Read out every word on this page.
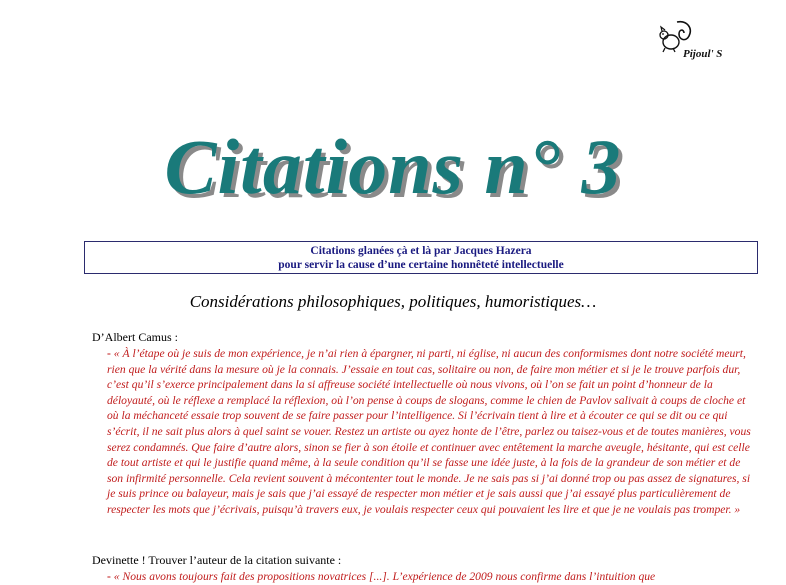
Pijoul' S
Citations n° 3
Citations glanées çà et là par Jacques Hazera
pour servir la cause d’une certaine honnêteté intellectuelle
Considérations philosophiques, politiques, humoristiques…
D’Albert Camus :
- « À l’étape où je suis de mon expérience, je n’ai rien à épargner, ni parti, ni église, ni aucun des conformismes dont notre société meurt, rien que la vérité dans la mesure où je la connais. J’essaie en tout cas, solitaire ou non, de faire mon métier et si je le trouve parfois dur, c’est qu’il s’exerce principalement dans la si affreuse société intellectuelle où nous vivons, où l’on se fait un point d’honneur de la déloyauté, où le réflexe a remplacé la réflexion, où l’on pense à coups de slogans, comme le chien de Pavlov salivait à coups de cloche et où la méchanceté essaie trop souvent de se faire passer pour l’intelligence. Si l’écrivain tient à lire et à écouter ce qui se dit ou ce qui s’écrit, il ne sait plus alors à quel saint se vouer. Restez un artiste ou ayez honte de l’être, parlez ou taisez-vous et de toutes manières, vous serez condamnés. Que faire d’autre alors, sinon se fier à son étoile et continuer avec entêtement la marche aveugle, hésitante, qui est celle de tout artiste et qui le justifie quand même, à la seule condition qu’il se fasse une idée juste, à la fois de la grandeur de son métier et de son infirmité personnelle. Cela revient souvent à mécontenter tout le monde. Je ne sais pas si j’ai donné trop ou pas assez de signatures, si je suis prince ou balayeur, mais je sais que j’ai essayé de respecter mon métier et je sais aussi que j’ai essayé plus particulièrement de respecter les mots que j’écrivais, puisqu’à travers eux, je voulais respecter ceux qui pouvaient les lire et que je ne voulais pas tromper. »
Devinette ! Trouver l’auteur de la citation suivante :
- « Nous avons toujours fait des propositions novatrices [...]. L’expérience de 2009 nous confirme dans l’intuition que
